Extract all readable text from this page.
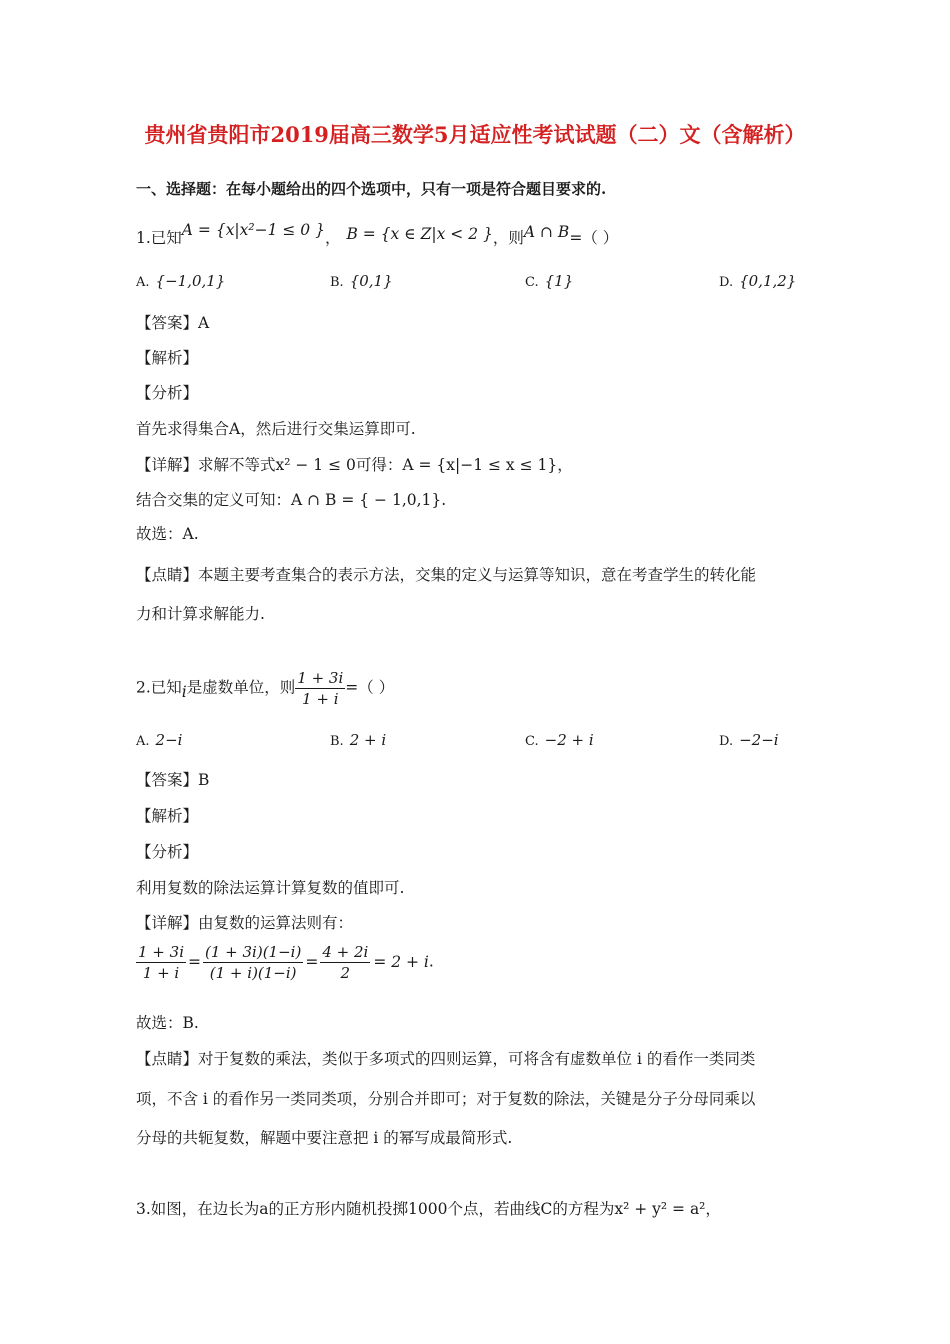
贵州省贵阳市2019届高三数学5月适应性考试试题（二）文（含解析）
一、选择题：在每小题给出的四个选项中，只有一项是符合题目要求的.
1.已知A = {x|x²−1 ≤ 0 }， B = {x ∈ Z|x < 2 }，则A ∩ B=（ ）
A. {−1,0,1}	B. {0,1}	C. {1}	D. {0,1,2}
【答案】A
【解析】
【分析】
首先求得集合A，然后进行交集运算即可.
【详解】求解不等式x² − 1 ≤ 0可得：A = {x|−1 ≤ x ≤ 1}，
结合交集的定义可知：A ∩ B = { − 1,0,1}.
故选：A.
【点睛】本题主要考查集合的表示方法，交集的定义与运算等知识，意在考查学生的转化能
力和计算求解能力.
2.已知i是虚数单位，则 $\frac{1 + 3i}{1 + i}$ =（ ）
A. 2−i	B. 2 + i	C. −2 + i	D. −2−i
【答案】B
【解析】
【分析】
利用复数的除法运算计算复数的值即可.
【详解】由复数的运算法则有：
$\frac{1 + 3i}{1 + i} = \frac{(1 + 3i)(1-i)}{(1 + i)(1-i)} = \frac{4 + 2i}{2} = 2 + i$.
故选：B.
【点睛】对于复数的乘法，类似于多项式的四则运算，可将含有虚数单位 i 的看作一类同类
项，不含 i 的看作另一类同类项，分别合并即可；对于复数的除法，关键是分子分母同乘以
分母的共轭复数，解题中要注意把 i 的幂写成最简形式.
3.如图，在边长为a的正方形内随机投掷1000个点，若曲线C的方程为x² + y² = a²，
